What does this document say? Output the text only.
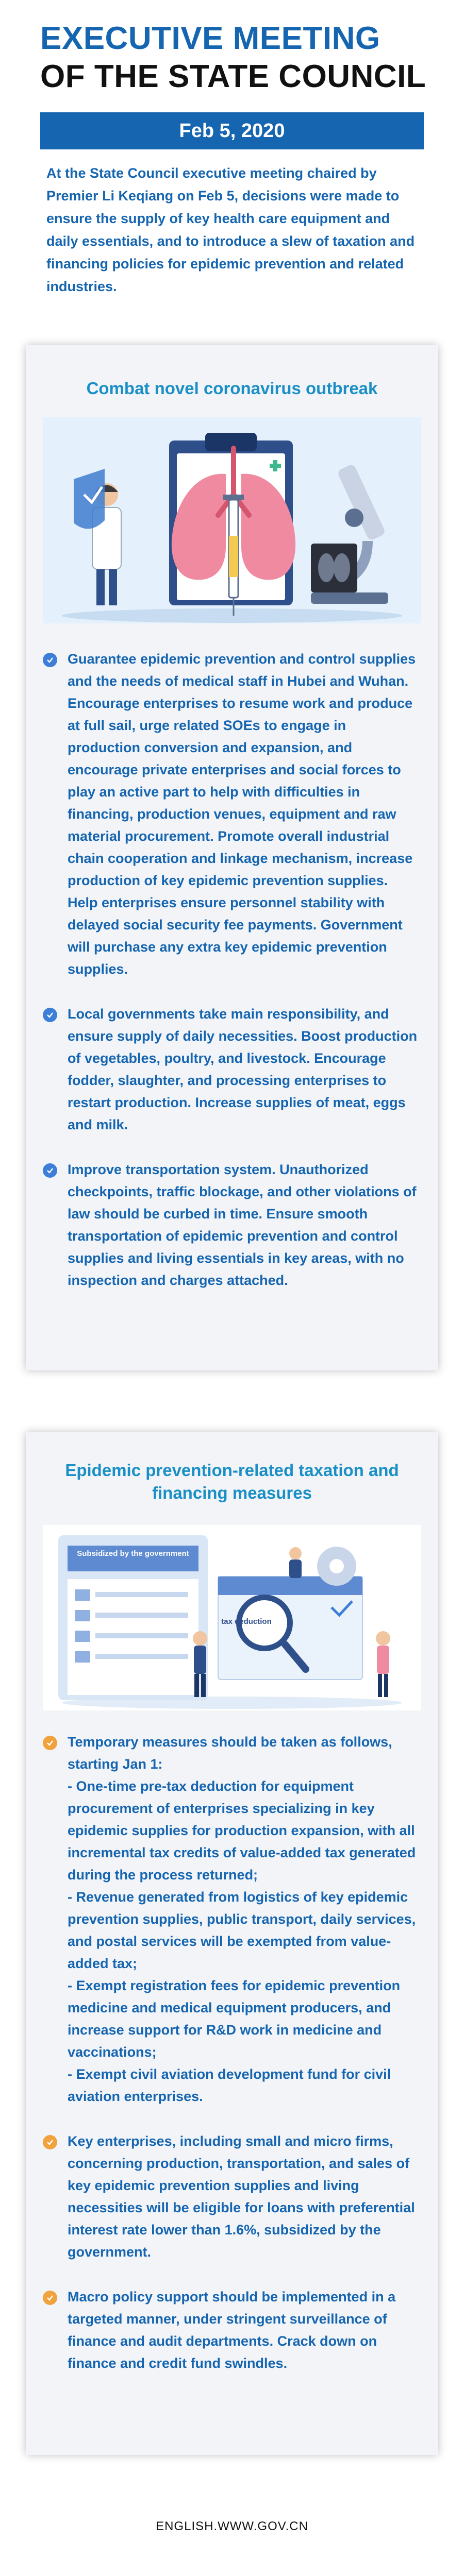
EXECUTIVE MEETING
OF THE STATE COUNCIL
Feb 5, 2020

At the State Council executive meeting chaired by Premier Li Keqiang on Feb 5, decisions were made to ensure the supply of key health care equipment and daily essentials, and to introduce a slew of taxation and financing policies for epidemic prevention and related industries.

Combat novel coronavirus outbreak
Guarantee epidemic prevention and control supplies and the needs of medical staff in Hubei and Wuhan. Encourage enterprises to resume work and produce at full sail, urge related SOEs to engage in production conversion and expansion, and encourage private enterprises and social forces to play an active part to help with difficulties in financing, production venues, equipment and raw material procurement. Promote overall industrial chain cooperation and linkage mechanism, increase production of key epidemic prevention supplies. Help enterprises ensure personnel stability with delayed social security fee payments. Government will purchase any extra key epidemic prevention supplies.
Local governments take main responsibility, and ensure supply of daily necessities. Boost production of vegetables, poultry, and livestock. Encourage fodder, slaughter, and processing enterprises to restart production. Increase supplies of meat, eggs and milk.
Improve transportation system. Unauthorized checkpoints, traffic blockage, and other violations of law should be curbed in time. Ensure smooth transportation of epidemic prevention and control supplies and living essentials in key areas, with no inspection and charges attached.
Epidemic prevention-related taxation and financing measures
Subsidized by the government
tax deduction
Temporary measures should be taken as follows, starting Jan 1:
- One-time pre-tax deduction for equipment procurement of enterprises specializing in key epidemic supplies for production expansion, with all incremental tax credits of value-added tax generated during the process returned;
- Revenue generated from logistics of key epidemic prevention supplies, public transport, daily services, and postal services will be exempted from value-added tax;
- Exempt registration fees for epidemic prevention medicine and medical equipment producers, and increase support for R&D work in medicine and vaccinations;
- Exempt civil aviation development fund for civil aviation enterprises.
Key enterprises, including small and micro firms, concerning production, transportation, and sales of key epidemic prevention supplies and living necessities will be eligible for loans with preferential interest rate lower than 1.6%, subsidized by the government.
Macro policy support should be implemented in a targeted manner, under stringent surveillance of finance and audit departments. Crack down on finance and credit fund swindles.
ENGLISH.WWW.GOV.CN
